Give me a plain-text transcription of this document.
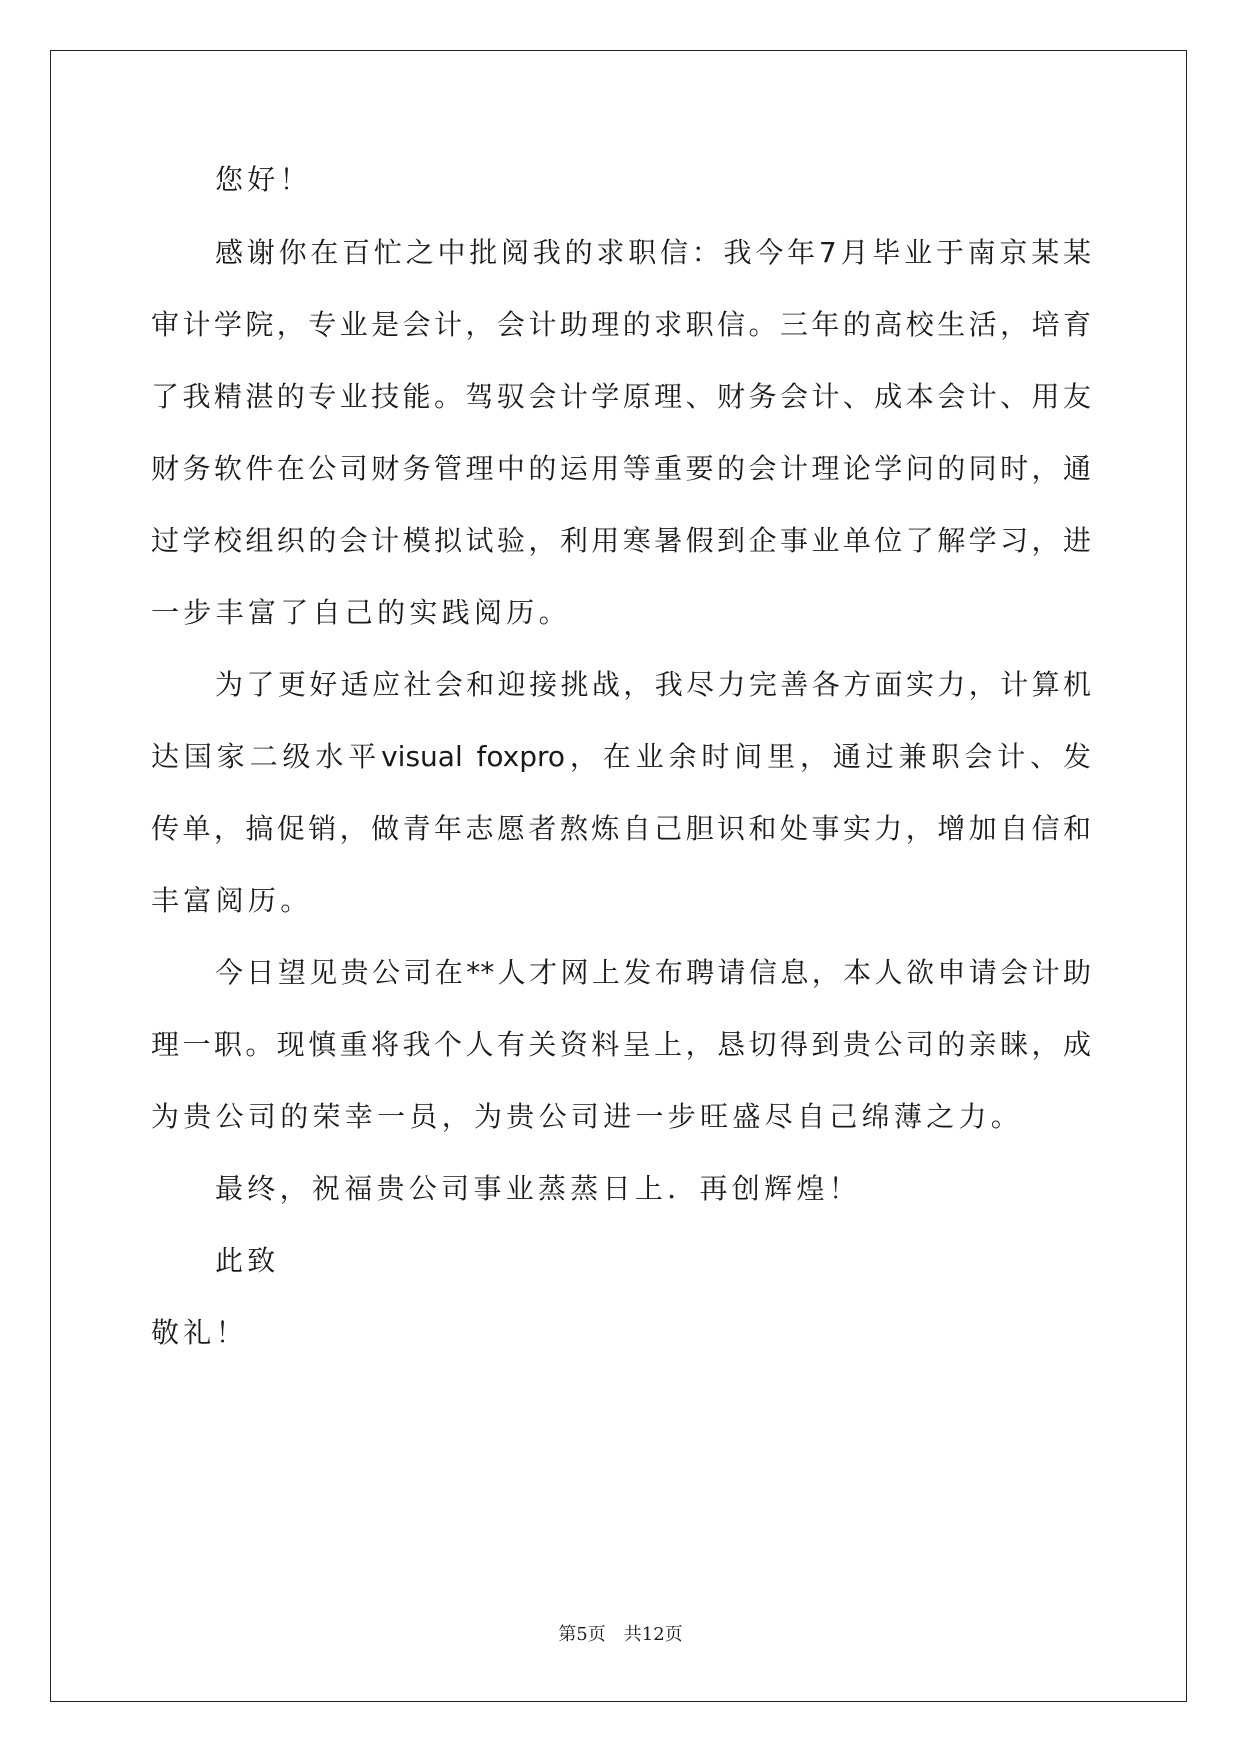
您好！
感谢你在百忙之中批阅我的求职信：我今年7月毕业于南京某某
审计学院，专业是会计，会计助理的求职信。三年的高校生活，培育
了我精湛的专业技能。驾驭会计学原理、财务会计、成本会计、用友
财务软件在公司财务管理中的运用等重要的会计理论学问的同时，通
过学校组织的会计模拟试验，利用寒暑假到企事业单位了解学习，进
一步丰富了自己的实践阅历。
为了更好适应社会和迎接挑战，我尽力完善各方面实力，计算机
达国家二级水平visual foxpro，在业余时间里，通过兼职会计、发
传单，搞促销，做青年志愿者熬炼自己胆识和处事实力，增加自信和
丰富阅历。
今日望见贵公司在**人才网上发布聘请信息，本人欲申请会计助
理一职。现慎重将我个人有关资料呈上，恳切得到贵公司的亲睐，成
为贵公司的荣幸一员，为贵公司进一步旺盛尽自己绵薄之力。
最终，祝福贵公司事业蒸蒸日上．再创辉煌！
此致
敬礼！
第5页　共12页
